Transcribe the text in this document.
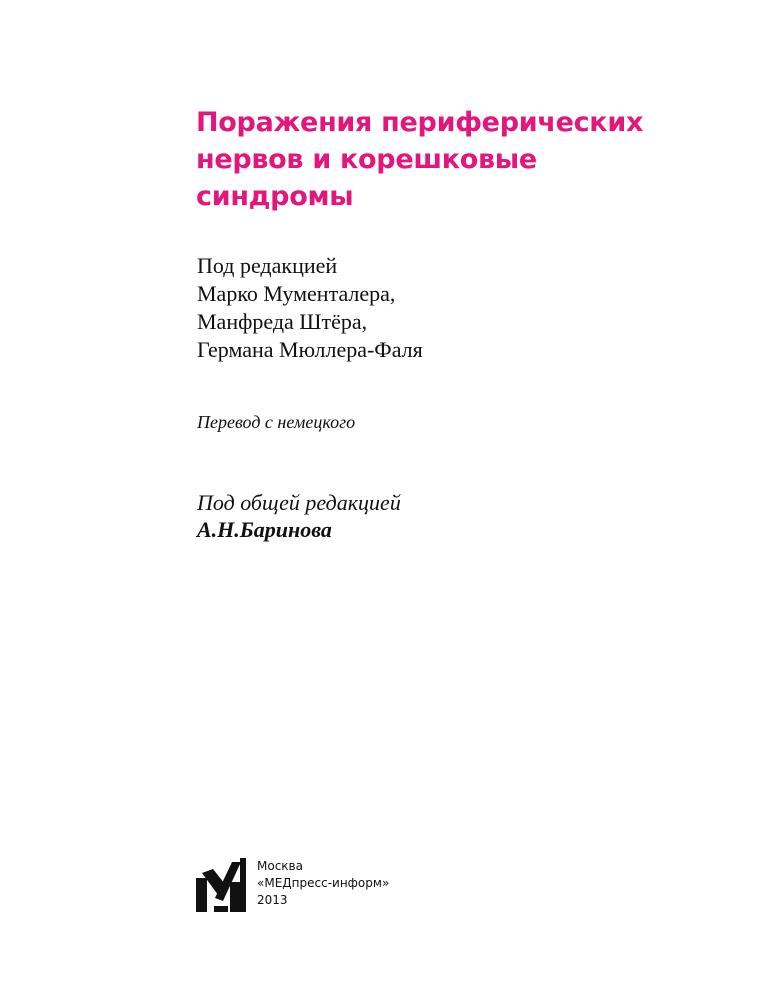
Поражения периферических
нервов и корешковые
синдромы
Под редакцией
Марко Мументалера,
Манфреда Штёра,
Германа Мюллера-Фаля
Перевод с немецкого
Под общей редакцией
А.Н.Баринова
Москва
«МЕДпресс-информ»
2013
